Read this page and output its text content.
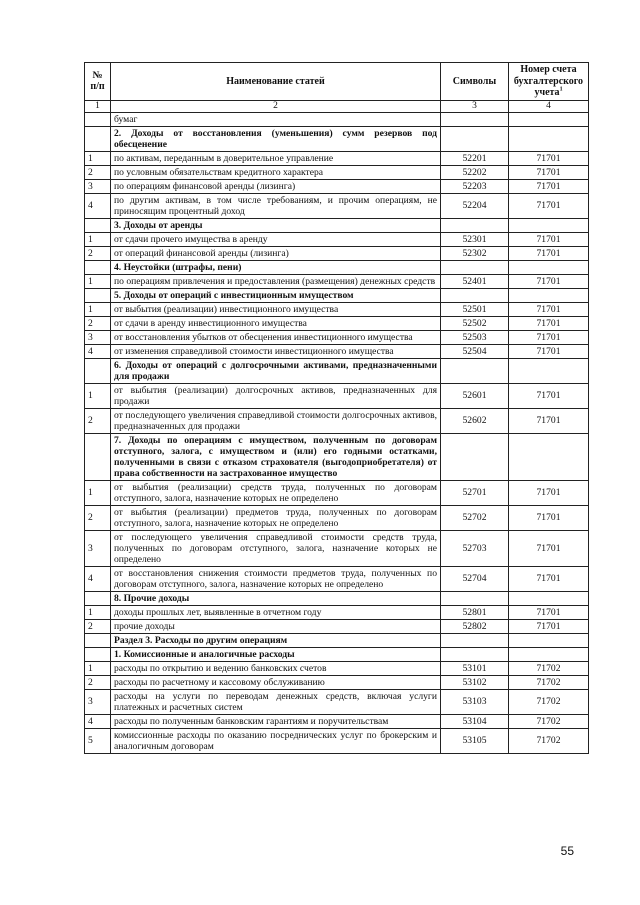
№ п/п	Наименование статей	Символы	Номер счета бухгалтерского учета$^1$
1	2	3	4
	бумаг		
	2. Доходы от восстановления (уменьшения) сумм резервов под обесценение		
1	по активам, переданным в доверительное управление	52201	71701
2	по условным обязательствам кредитного характера	52202	71701
3	по операциям финансовой аренды (лизинга)	52203	71701
4	по другим активам, в том числе требованиям, и прочим операциям, не приносящим процентный доход	52204	71701
	3. Доходы от аренды		
1	от сдачи прочего имущества в аренду	52301	71701
2	от операций финансовой аренды (лизинга)	52302	71701
	4. Неустойки (штрафы, пени)		
1	по операциям привлечения и предоставления (размещения) денежных средств	52401	71701
	5. Доходы от операций с инвестиционным имуществом		
1	от выбытия (реализации) инвестиционного имущества	52501	71701
2	от сдачи в аренду инвестиционного имущества	52502	71701
3	от восстановления убытков от обесценения инвестиционного имущества	52503	71701
4	от изменения справедливой стоимости инвестиционного имущества	52504	71701
	6. Доходы от операций с долгосрочными активами, предназначенными для продажи		
1	от выбытия (реализации) долгосрочных активов, предназначенных для продажи	52601	71701
2	от последующего увеличения справедливой стоимости долгосрочных активов, предназначенных для продажи	52602	71701
	7. Доходы по операциям с имуществом, полученным по договорам отступного, залога, с имуществом и (или) его годными остатками, полученными в связи с отказом страхователя (выгодоприобретателя) от права собственности на застрахованное имущество		
1	от выбытия (реализации) средств труда, полученных по договорам отступного, залога, назначение которых не определено	52701	71701
2	от выбытия (реализации) предметов труда, полученных по договорам отступного, залога, назначение которых не определено	52702	71701
3	от последующего увеличения справедливой стоимости средств труда, полученных по договорам отступного, залога, назначение которых не определено	52703	71701
4	от восстановления снижения стоимости предметов труда, полученных по договорам отступного, залога, назначение которых не определено	52704	71701
	8. Прочие доходы		
1	доходы прошлых лет, выявленные в отчетном году	52801	71701
2	прочие доходы	52802	71701
	Раздел 3. Расходы по другим операциям		
	1. Комиссионные и аналогичные расходы		
1	расходы по открытию и ведению банковских счетов	53101	71702
2	расходы по расчетному и кассовому обслуживанию	53102	71702
3	расходы на услуги по переводам денежных средств, включая услуги платежных и расчетных систем	53103	71702
4	расходы по полученным банковским гарантиям и поручительствам	53104	71702
5	комиссионные расходы по оказанию посреднических услуг по брокерским и аналогичным договорам	53105	71702
55
